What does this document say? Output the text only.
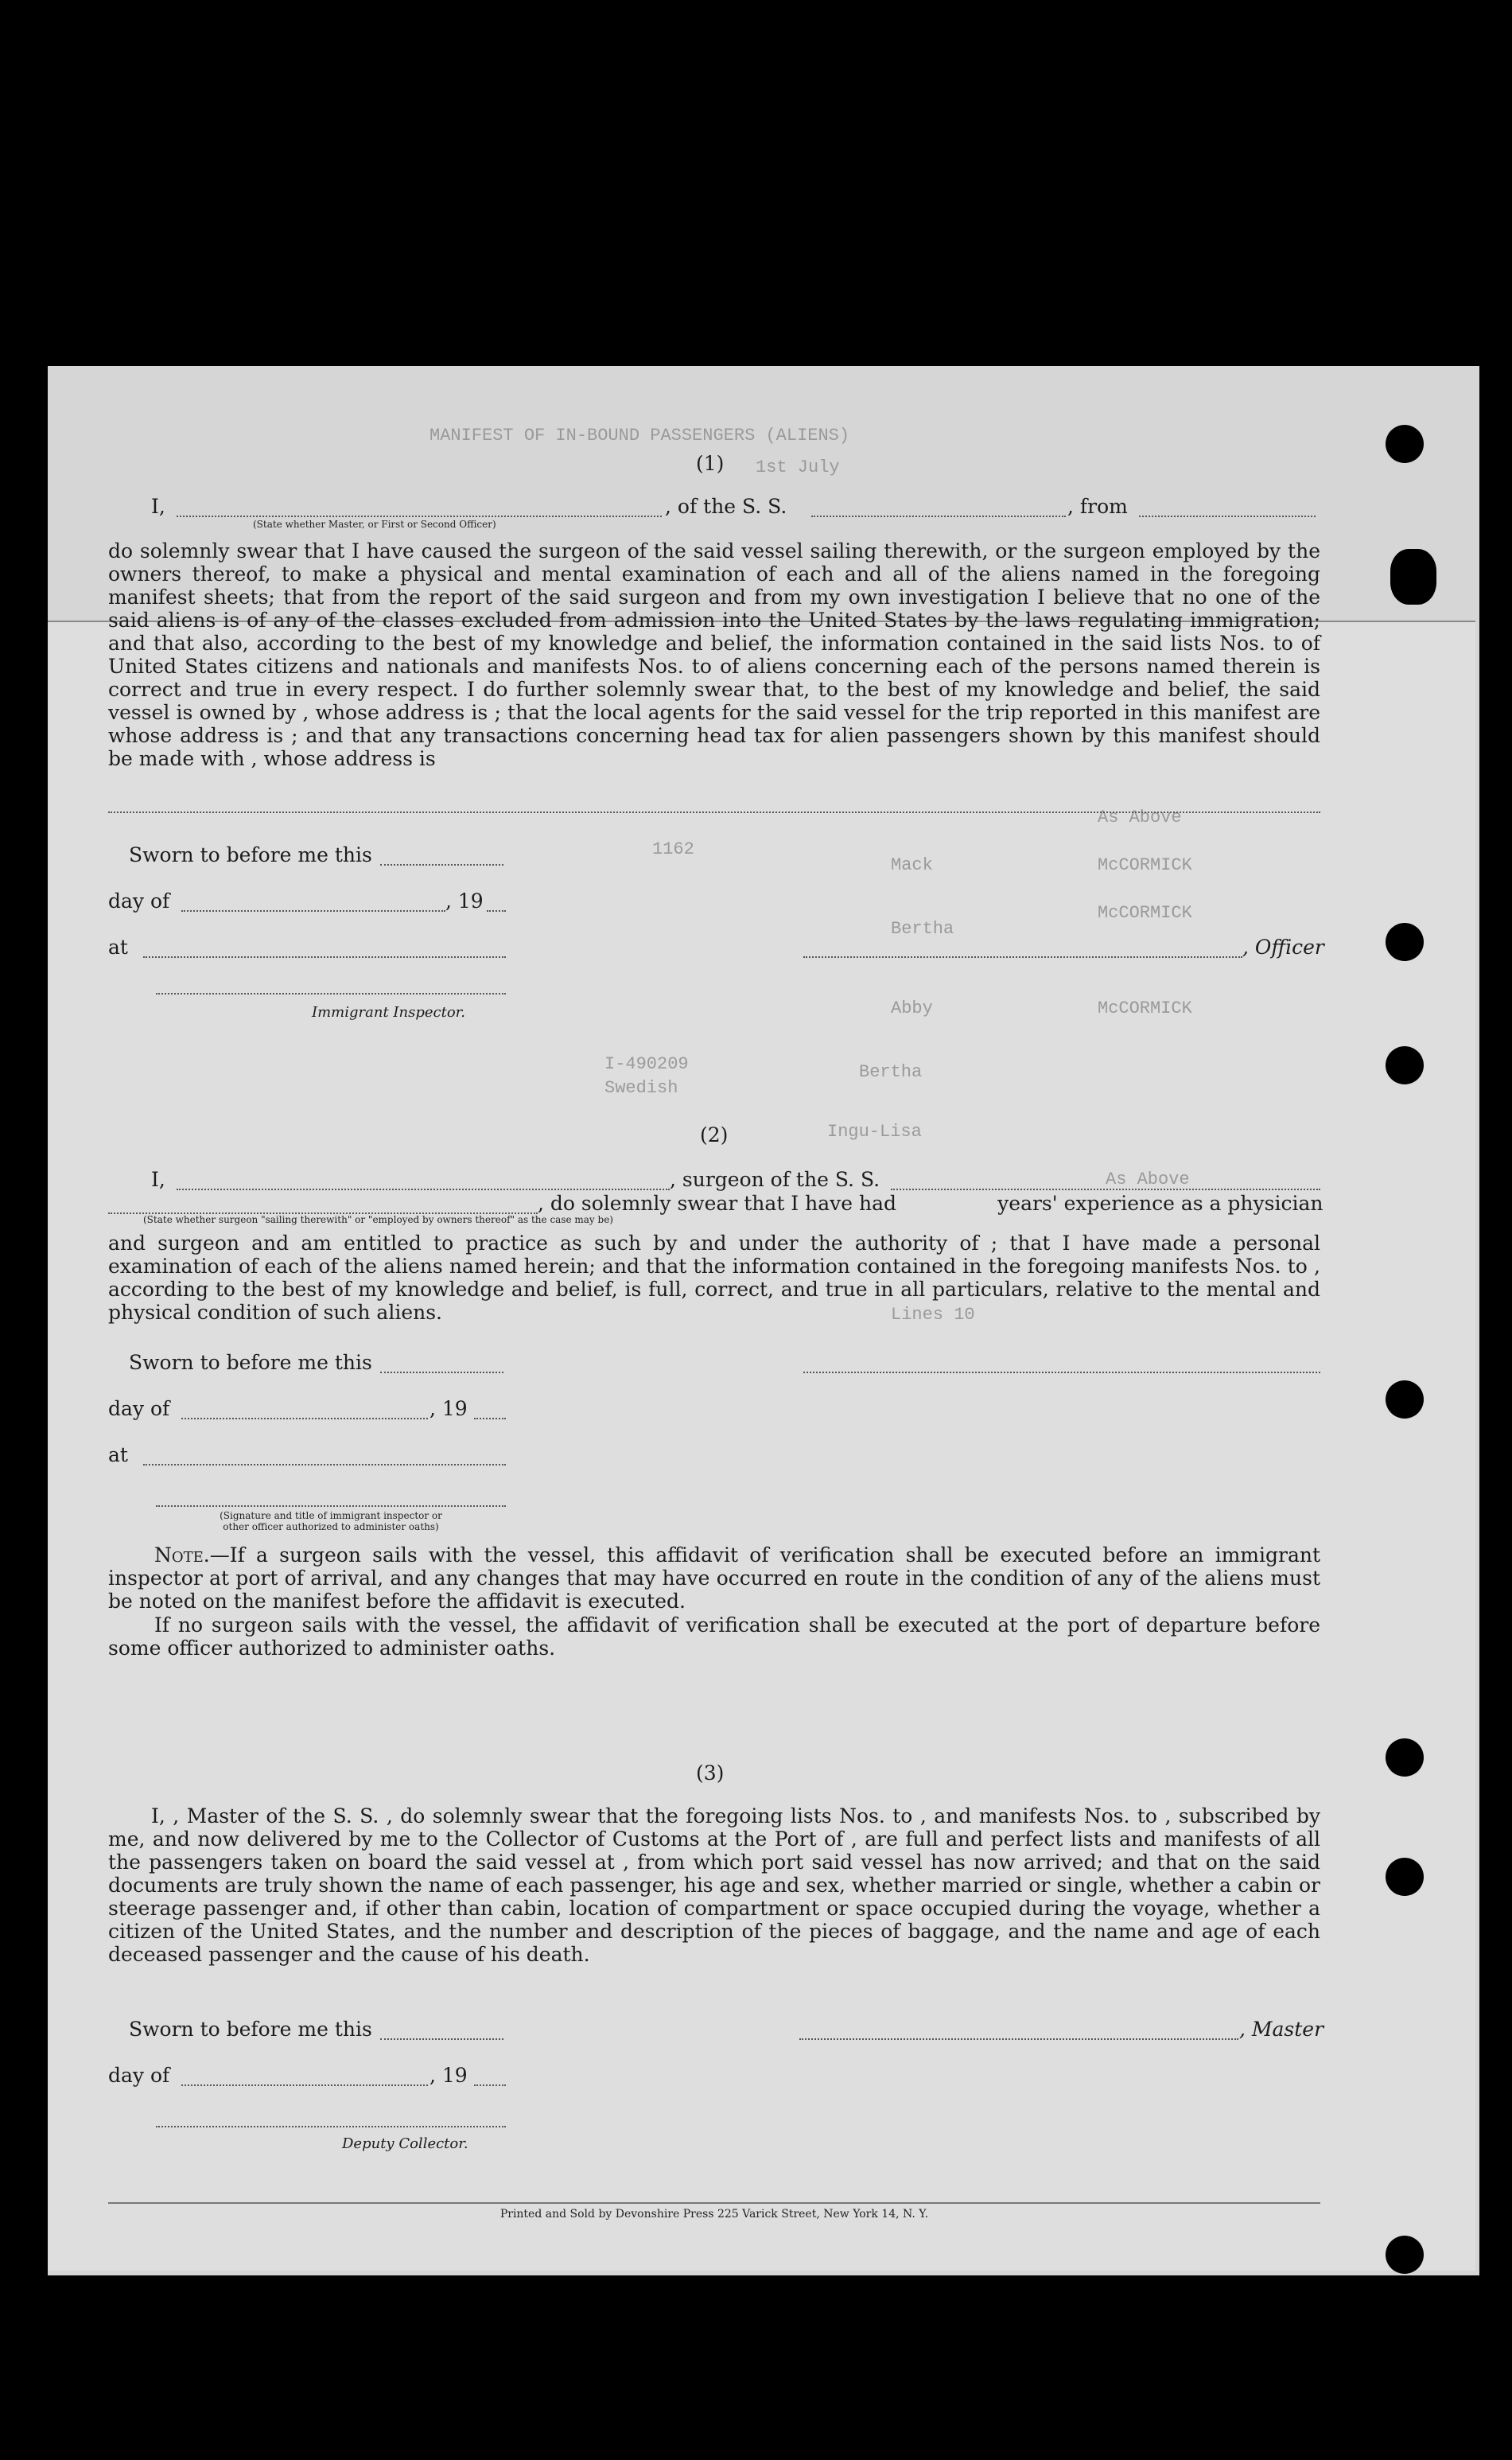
MANIFEST OF IN-BOUND PASSENGERS (ALIENS)
1st July
1162
As Above
McCORMICK
Mack
McCORMICK
Bertha
McCORMICK
Abby
I-490209
Swedish
Bertha
Ingu-Lisa
As Above
Lines 10
(1)
I,	, of the S. S.	, from
(State whether Master, or First or Second Officer)
do solemnly swear that I have caused the surgeon of the said vessel sailing therewith, or the surgeon employed by the owners thereof, to make a physical and mental examination of each and all of the aliens named in the foregoing manifest sheets; that from the report of the said surgeon and from my own investigation I believe that no one of the said aliens is of any of the classes excluded from admission into the United States by the laws regulating immigration; and that also, according to the best of my knowledge and belief, the information contained in the said lists Nos. to of United States citizens and nationals and manifests Nos. to of aliens concerning each of the persons named therein is correct and true in every respect. I do further solemnly swear that, to the best of my knowledge and belief, the said vessel is owned by , whose address is ; that the local agents for the said vessel for the trip reported in this manifest are whose address is ; and that any transactions concerning head tax for alien passengers shown by this manifest should be made with , whose address is
Sworn to before me this
day of	, 19
at	, Officer
Immigrant Inspector.
(2)
I,	, surgeon of the S. S.
, do solemnly swear that I have had                years' experience as a physician
(State whether surgeon "sailing therewith" or "employed by owners thereof" as the case may be)
and surgeon and am entitled to practice as such by and under the authority of ; that I have made a personal examination of each of the aliens named herein; and that the information contained in the foregoing manifests Nos. to , according to the best of my knowledge and belief, is full, correct, and true in all particulars, relative to the mental and physical condition of such aliens.
Sworn to before me this
day of	, 19
at
(Signature and title of immigrant inspector or
other officer authorized to administer oaths)
Note.—If a surgeon sails with the vessel, this affidavit of verification shall be executed before an immigrant inspector at port of arrival, and any changes that may have occurred en route in the condition of any of the aliens must be noted on the manifest before the affidavit is executed.
If no surgeon sails with the vessel, the affidavit of verification shall be executed at the port of departure before some officer authorized to administer oaths.
(3)
I, , Master of the S. S. , do solemnly swear that the foregoing lists Nos. to , and manifests Nos. to , subscribed by me, and now delivered by me to the Collector of Customs at the Port of , are full and perfect lists and manifests of all the passengers taken on board the said vessel at , from which port said vessel has now arrived; and that on the said documents are truly shown the name of each passenger, his age and sex, whether married or single, whether a cabin or steerage passenger and, if other than cabin, location of compartment or space occupied during the voyage, whether a citizen of the United States, and the number and description of the pieces of baggage, and the name and age of each deceased passenger and the cause of his death.
Sworn to before me this	, Master
day of	, 19
Deputy Collector.
Printed and Sold by Devonshire Press 225 Varick Street, New York 14, N. Y.
